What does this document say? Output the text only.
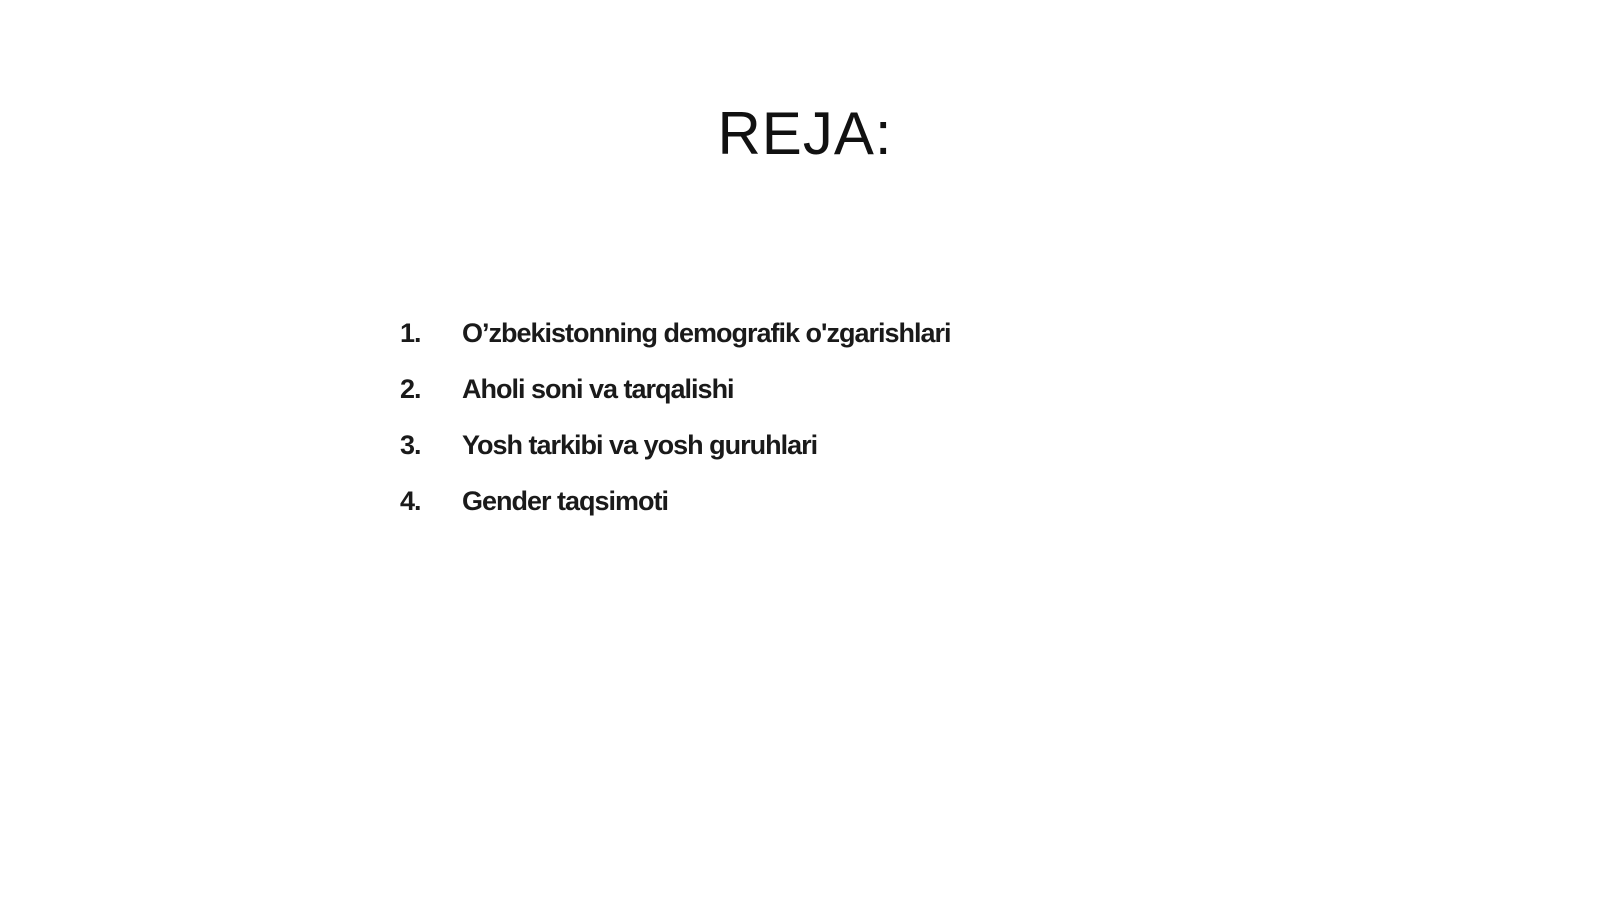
REJA:
1.	O’zbekistonning demografik o'zgarishlari
2.	Aholi soni va tarqalishi
3.	Yosh tarkibi va yosh guruhlari
4.	Gender taqsimoti
